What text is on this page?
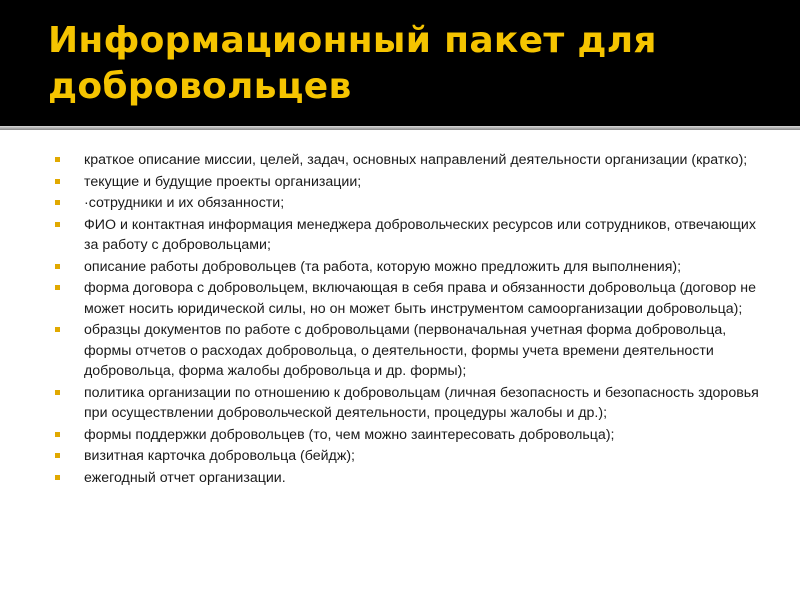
Информационный пакет для добровольцев
краткое описание миссии, целей, задач, основных направлений деятельности организации (кратко);
текущие и будущие проекты организации;
·сотрудники и их обязанности;
ФИО и контактная информация менеджера добровольческих ресурсов или сотрудников, отвечающих за работу с добровольцами;
описание работы добровольцев (та работа, которую можно предложить для выполнения);
форма договора с добровольцем, включающая в себя права и обязанности добровольца (договор не может носить юридической силы, но он может быть инструментом самоорганизации добровольца);
образцы документов по работе с добровольцами (первоначальная учетная форма добровольца, формы отчетов о расходах добровольца, о деятельности, формы учета времени деятельности добровольца, форма жалобы добровольца и др. формы);
политика организации по отношению к добровольцам (личная безопасность и безопасность здоровья при осуществлении добровольческой деятельности, процедуры жалобы и др.);
формы поддержки добровольцев (то, чем можно заинтересовать добровольца);
визитная карточка добровольца (бейдж);
ежегодный отчет организации.
